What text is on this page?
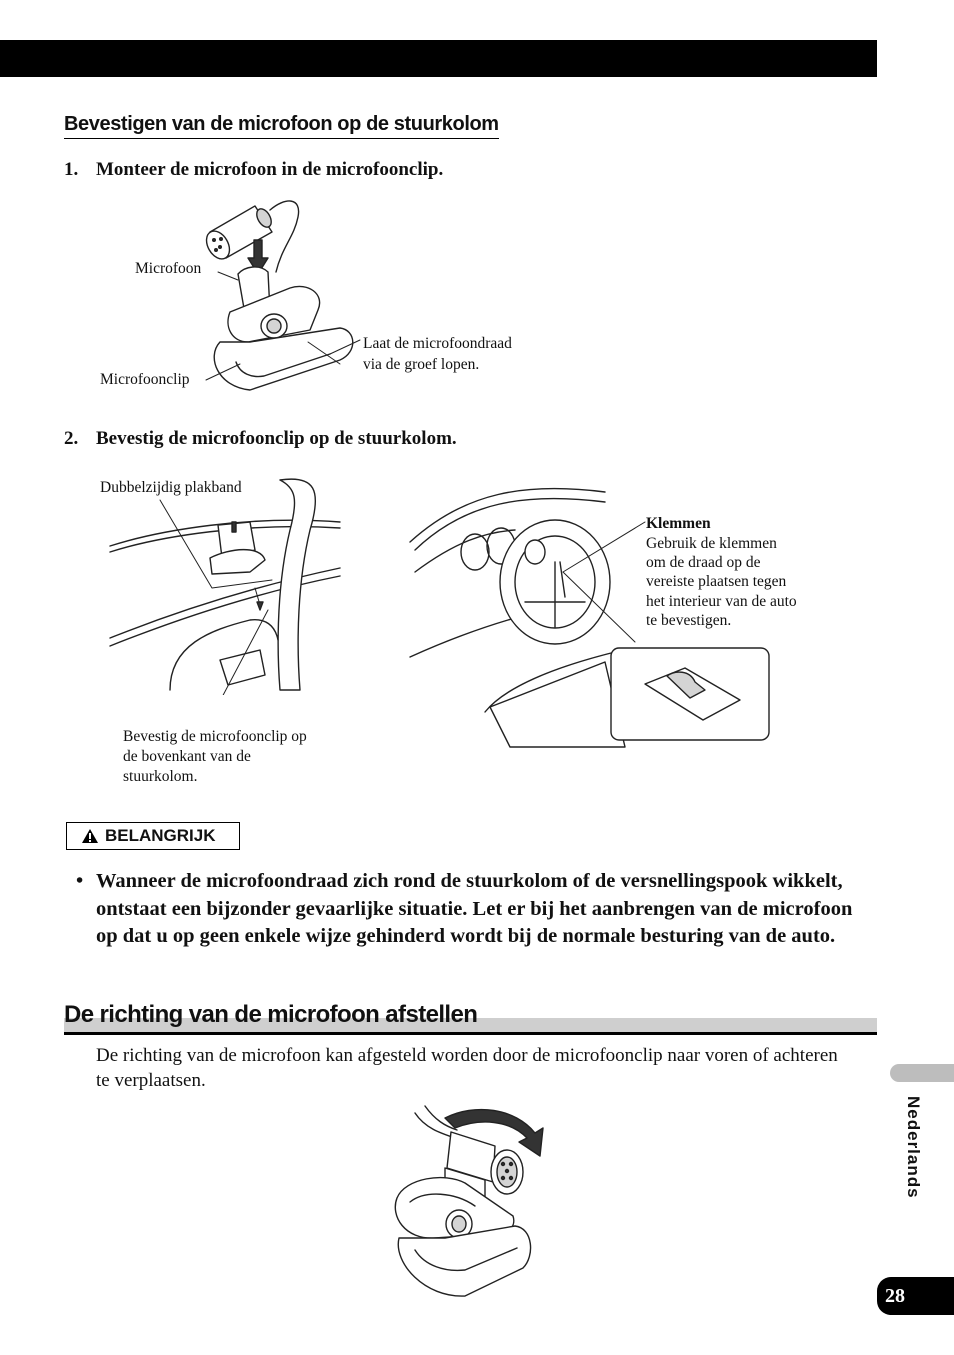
Bevestigen van de microfoon op de stuurkolom
1. Monteer de microfoon in de microfoonclip.
Microfoon
Microfoonclip
Laat de microfoondraad
via de groef lopen.
2. Bevestig de microfoonclip op de stuurkolom.
Dubbelzijdig plakband
Bevestig de microfoonclip op
de bovenkant van de
stuurkolom.
Klemmen
Gebruik de klemmen
om de draad op de
vereiste plaatsen tegen
het interieur van de auto
te bevestigen.
BELANGRIJK
• Wanneer de microfoondraad zich rond de stuurkolom of de versnellingspook wikkelt, ontstaat een bijzonder gevaarlijke situatie. Let er bij het aanbrengen van de microfoon op dat u op geen enkele wijze gehinderd wordt bij de normale besturing van de auto.
De richting van de microfoon afstellen
De richting van de microfoon kan afgesteld worden door de microfoonclip naar voren of achteren te verplaatsen.
Nederlands
28
